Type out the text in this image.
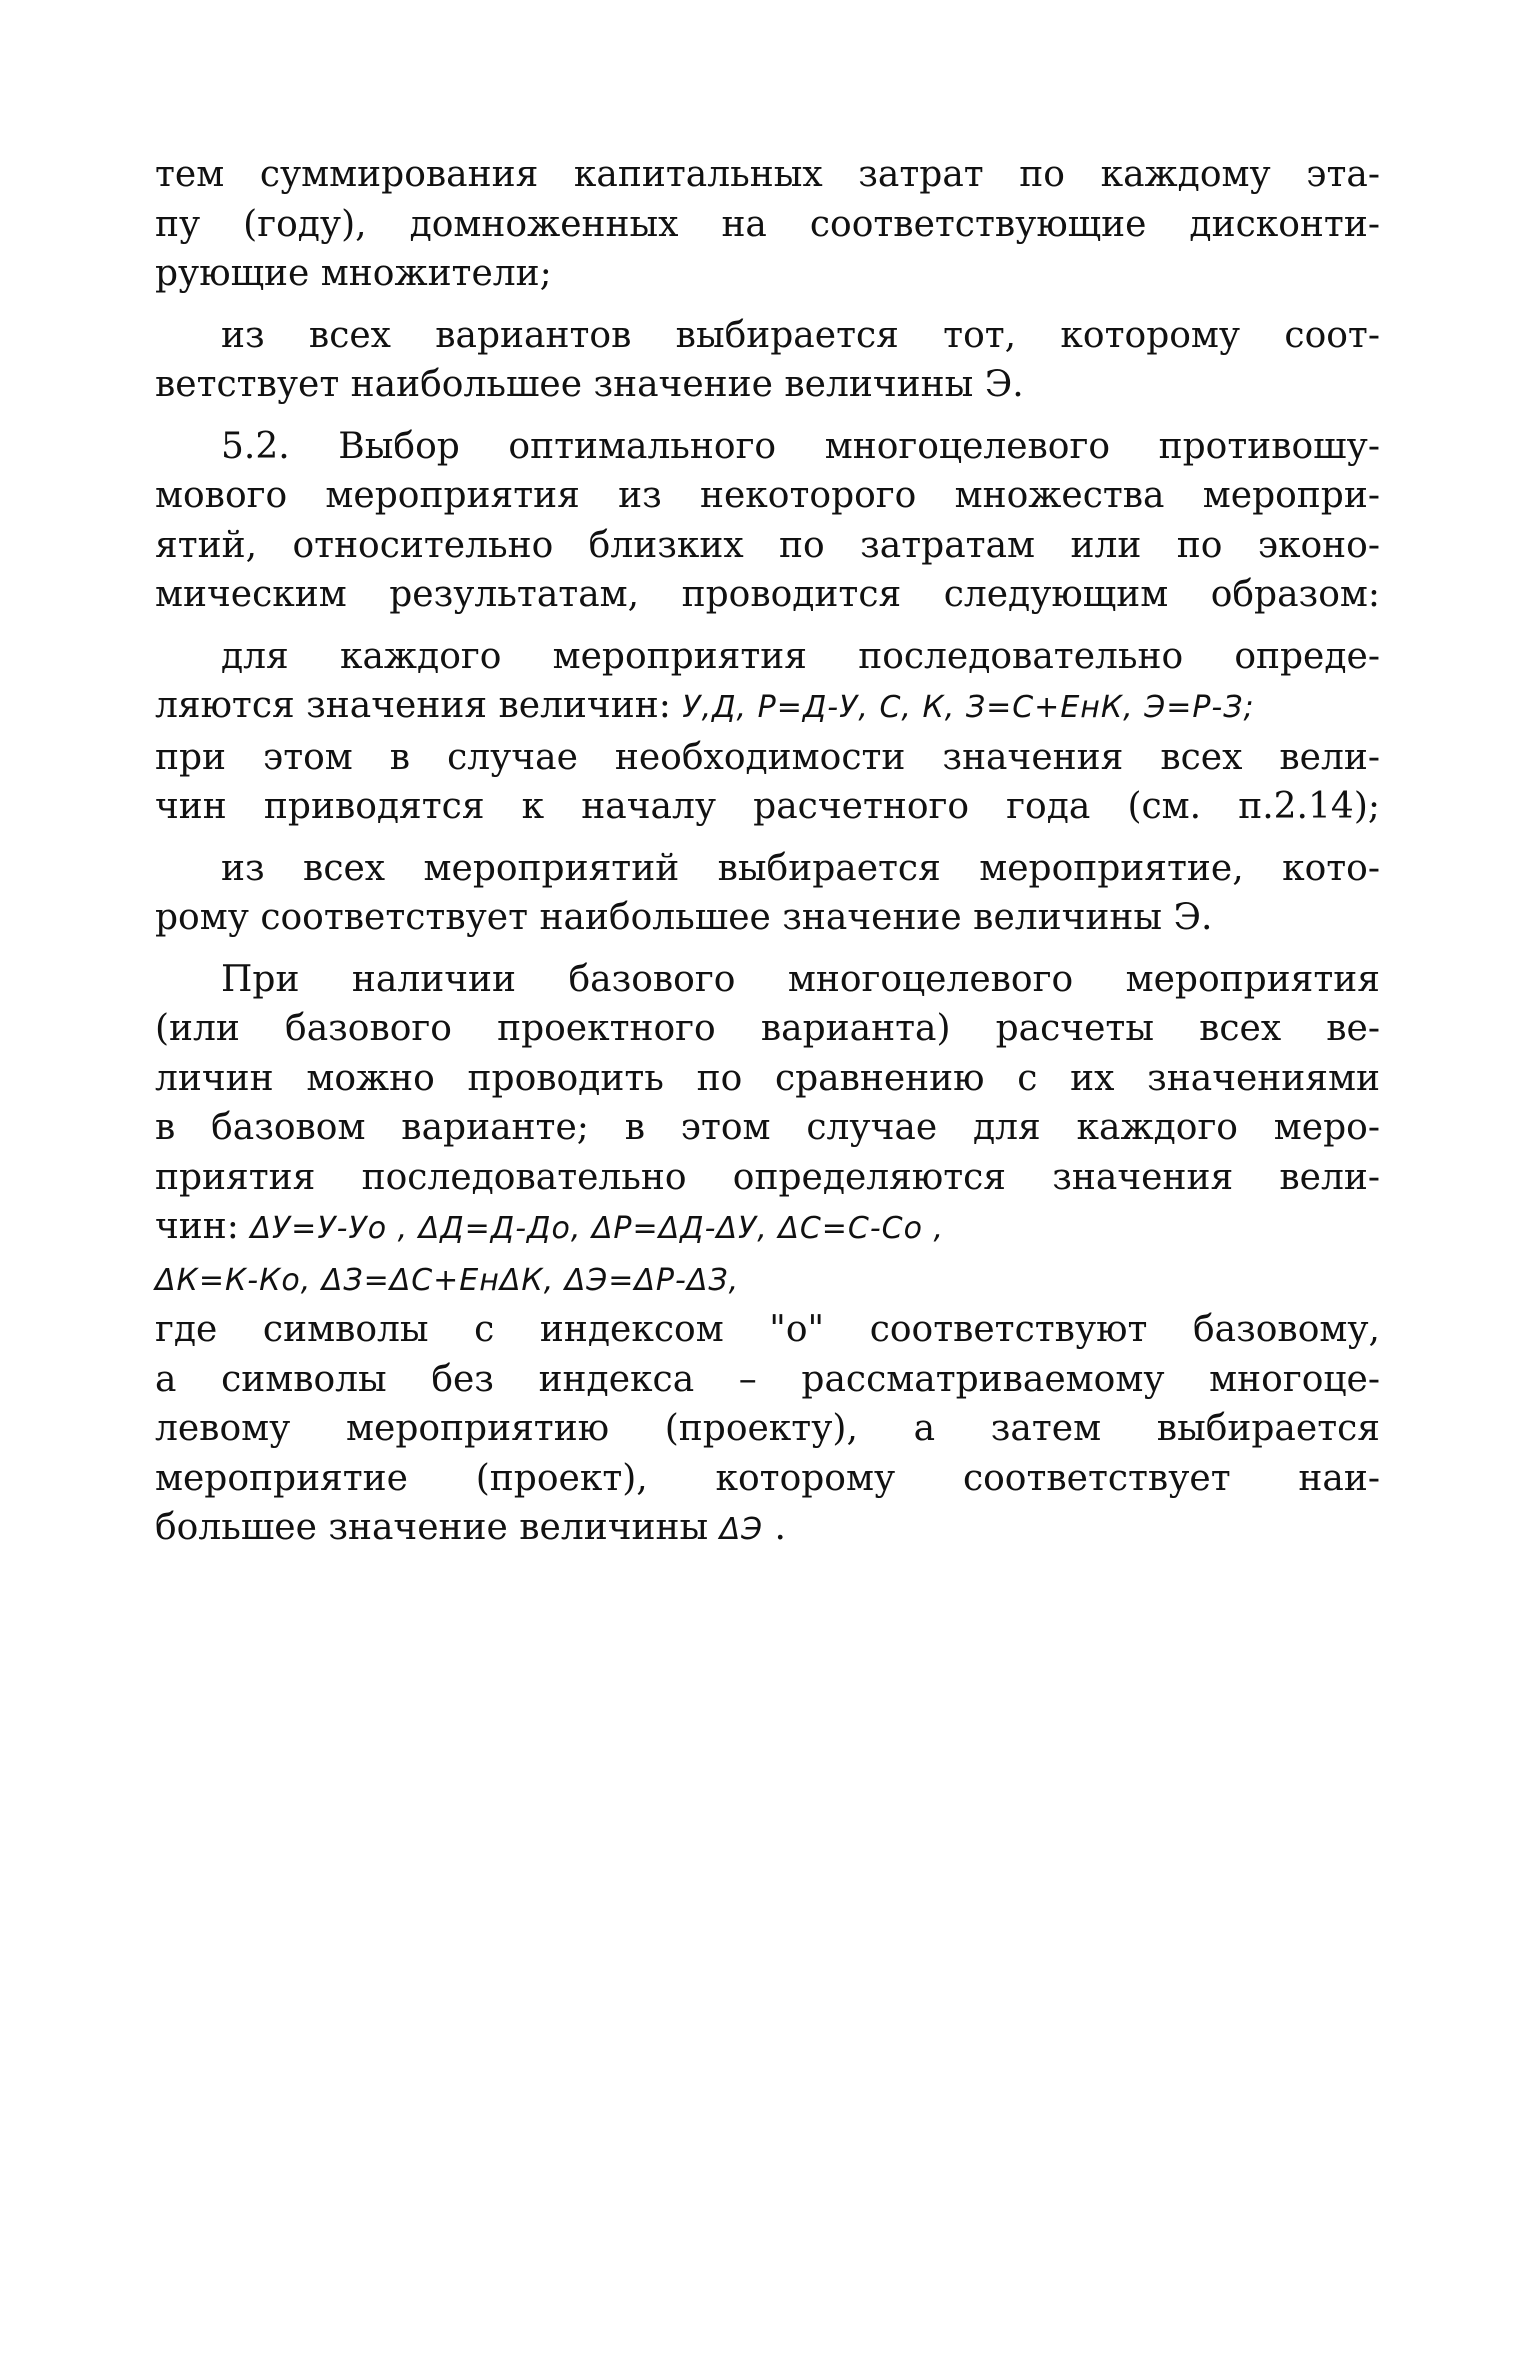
тем суммирования капитальных затрат по каждому эта-
пу (году), домноженных на соответствующие дисконти-
рующие множители;
из всех вариантов выбирается тот, которому соот-
ветствует наибольшее значение величины Э.
5.2. Выбор оптимального многоцелевого противошу-
мового мероприятия из некоторого множества меропри-
ятий, относительно близких по затратам или по эконо-
мическим результатам, проводится следующим образом:
для каждого мероприятия последовательно опреде-
ляются значения величин: У,Д, Р=Д-У, С, К, З=С+ЕнК, Э=Р-З;
при этом в случае необходимости значения всех вели-
чин приводятся к началу расчетного года (см. п.2.14);
из всех мероприятий выбирается мероприятие, кото-
рому соответствует наибольшее значение величины Э.
При наличии базового многоцелевого мероприятия
(или базового проектного варианта) расчеты всех ве-
личин можно проводить по сравнению с их значениями
в базовом варианте; в этом случае для каждого меро-
приятия последовательно определяются значения вели-
чин: ΔУ=У-Уo , ΔД=Д-Дo, ΔР=ΔД-ΔУ, ΔС=С-Сo ,
ΔК=К-Кo, ΔЗ=ΔС+ЕнΔК, ΔЭ=ΔР-ΔЗ,
где символы с индексом "о" соответствуют базовому,
а символы без индекса – рассматриваемому многоце-
левому мероприятию (проекту), а затем выбирается
мероприятие (проект), которому соответствует наи-
большее значение величины ΔЭ .
